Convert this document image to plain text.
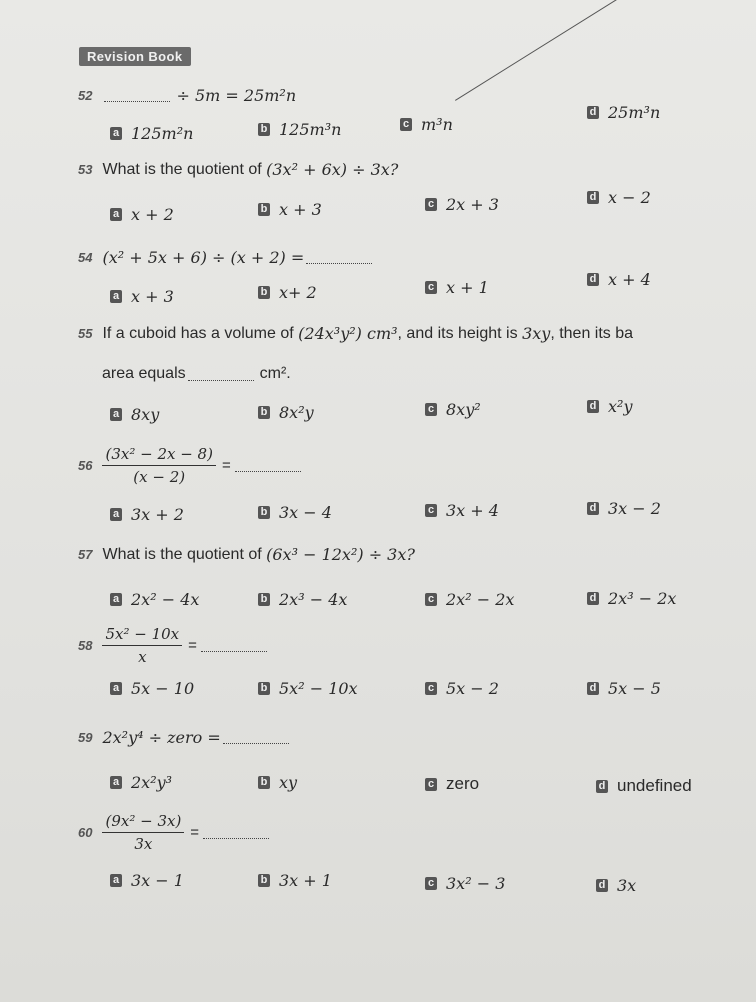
Revision Book
52	÷ 5m = 25m²n
a 125m²n	b 125m³n	c m³n
d 25m³n
53 What is the quotient of
(3x² + 6x) ÷ 3x?
a x + 2	b x + 3	c 2x + 3	d x − 2
54 (x² + 5x + 6) ÷ (x + 2) =
a x + 3	b x+ 2	c x + 1	d x + 4
55 If a cuboid has a volume of
(24x³y²) cm³ , and its height is
3xy , then its ba
area equals	cm².
a 8xy	b 8x²y	c 8xy²	d x²y
$56 \frac{\text{(3x² − 2x − 8)}}{(x - 2)}$ =
a 3x + 2	b 3x − 4	c 3x + 4	d 3x − 2
57 What is the quotient of
(6x³ − 12x²) ÷ 3x?
a 2x² − 4x	b 2x³ − 4x	c 2x² − 2x	d 2x³ − 2x
$58 \frac{\text{5x² − 10x}}{x}$ =
a 5x − 10	b 5x² − 10x	c 5x − 2	d 5x − 5
59 2x²y⁴ ÷ zero =
a 2x²y³	b xy	c zero	d undefined
$60 \frac{\text{(9x² − 3x)}}{3x}$ =
a 3x − 1	b 3x + 1	c 3x² − 3	d 3x
